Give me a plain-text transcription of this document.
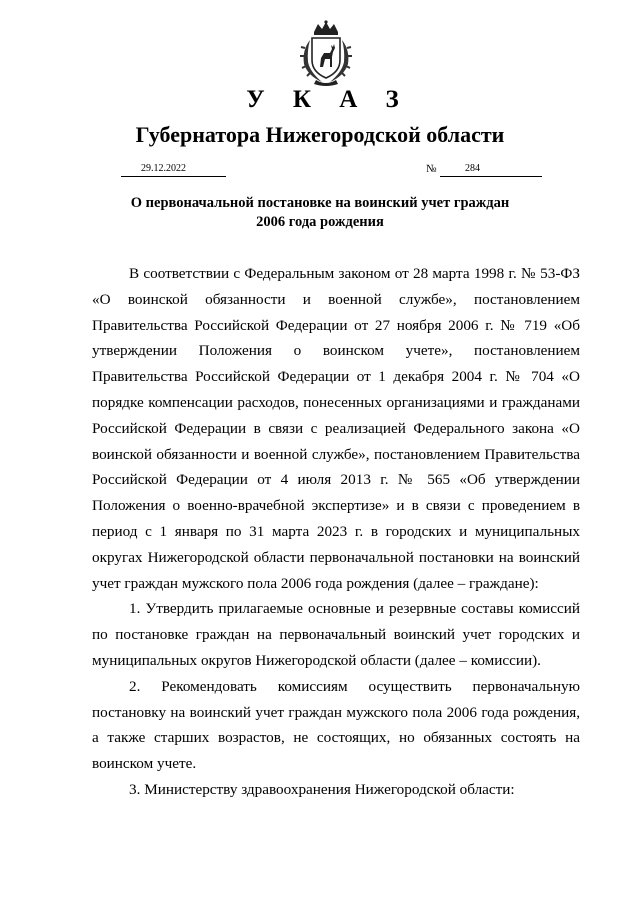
У К А З
Губернатора Нижегородской области
29.12.2022	№	284
О первоначальной постановке на воинский учет граждан
2006 года рождения

В соответствии с Федеральным законом от 28 марта 1998 г. № 53-ФЗ «О воинской обязанности и военной службе», постановлением Правительства Российской Федерации от 27 ноября 2006 г. № 719 «Об утверждении Положения о воинском учете», постановлением Правительства Российской Федерации от 1 декабря 2004 г. № 704 «О порядке компенсации расходов, понесенных организациями и гражданами Российской Федерации в связи с реализацией Федерального закона «О воинской обязанности и военной службе», постановлением Правительства Российской Федерации от 4 июля 2013 г. № 565 «Об утверждении Положения о военно-врачебной экспертизе» и в связи с проведением в период с 1 января по 31 марта 2023 г. в городских и муниципальных округах Нижегородской области первоначальной постановки на воинский учет граждан мужского пола 2006 года рождения (далее – граждане):

1. Утвердить прилагаемые основные и резервные составы комиссий по постановке граждан на первоначальный воинский учет городских и муниципальных округов Нижегородской области (далее – комиссии).

2. Рекомендовать комиссиям осуществить первоначальную постановку на воинский учет граждан мужского пола 2006 года рождения, а также старших возрастов, не состоящих, но обязанных состоять на воинском учете.

3. Министерству здравоохранения Нижегородской области:
